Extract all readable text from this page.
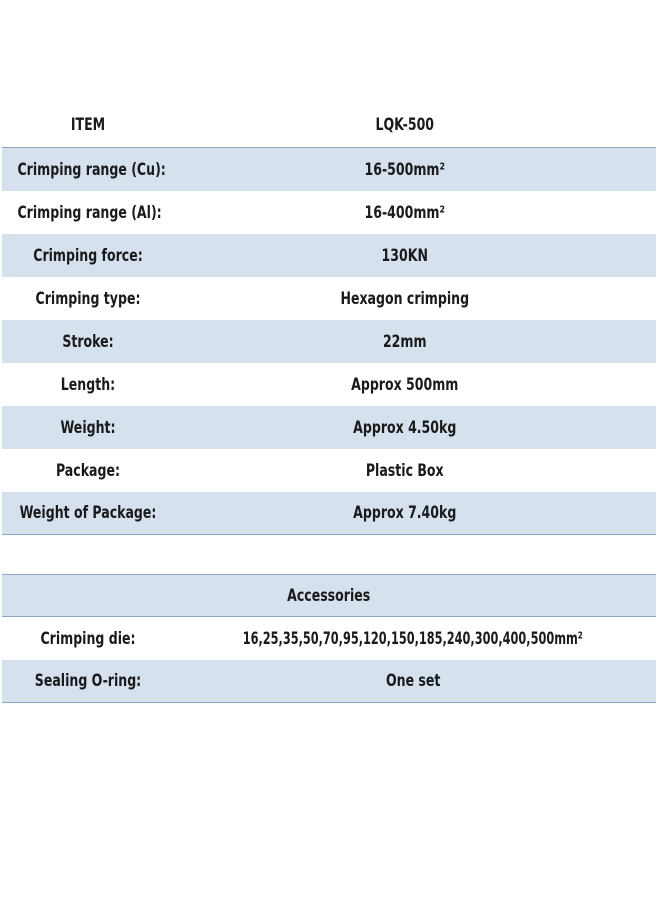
ITEM	LQK-500
Crimping range (Cu):	16-500mm²
Crimping range (Al):	16-400mm²
Crimping force:	130KN
Crimping type:	Hexagon crimping
Stroke:	22mm
Length:	Approx 500mm
Weight:	Approx 4.50kg
Package:	Plastic Box
Weight of Package:	Approx 7.40kg
Accessories
Crimping die:	16,25,35,50,70,95,120,150,185,240,300,400,500mm²
Sealing O-ring:	One set
